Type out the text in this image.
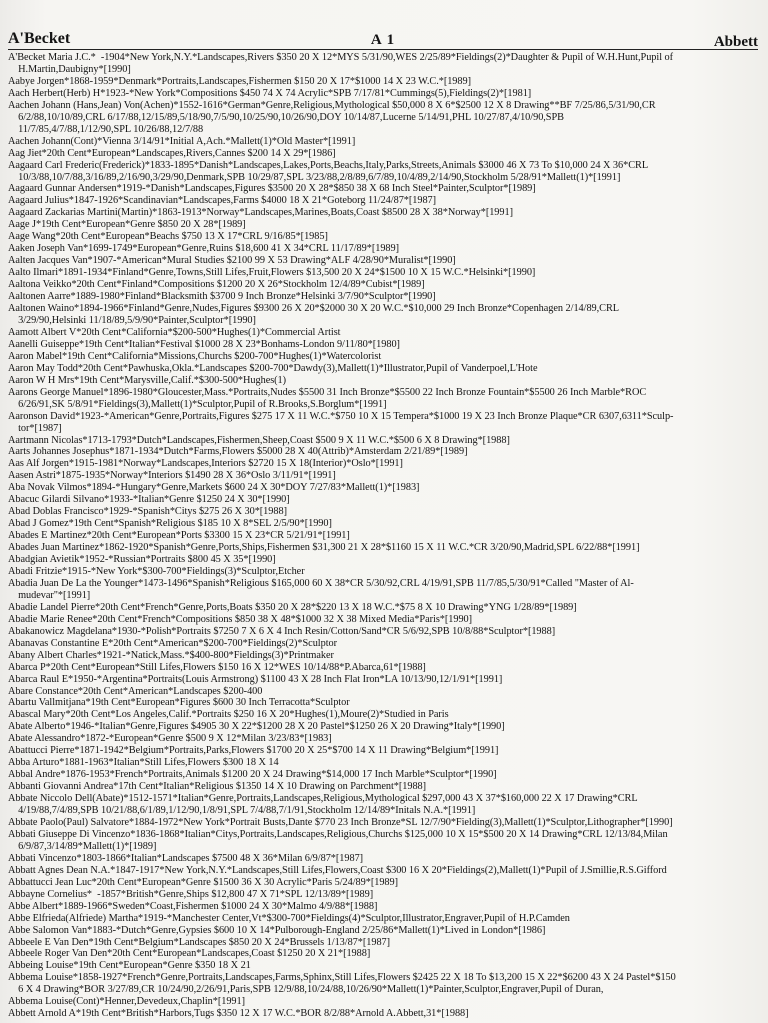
A'Becket	A 1	Abbett
A'Becket Maria J.C.*  -1904*New York,N.Y.*Landscapes,Rivers $350 20 X 12*MYS 5/31/90,WES 2/25/89*Fieldings(2)*Daughter & Pupil of W.H.Hunt,Pupil of
H.Martin,Daubigny*[1990]
Aabye Jorgen*1868-1959*Denmark*Portraits,Landscapes,Fishermen $150 20 X 17*$1000 14 X 23 W.C.*[1989]
Aach Herbert(Herb) H*1923-*New York*Compositions $450 74 X 74 Acrylic*SPB 7/17/81*Cummings(5),Fieldings(2)*[1981]
Aachen Johann (Hans,Jean) Von(Achen)*1552-1616*German*Genre,Religious,Mythological $50,000 8 X 6*$2500 12 X 8 Drawing**BF 7/25/86,5/31/90,CR
6/2/88,10/10/89,CRL 6/17/88,12/15/89,5/18/90,7/5/90,10/25/90,10/26/90,DOY 10/14/87,Lucerne 5/14/91,PHL 10/27/87,4/10/90,SPB
11/7/85,4/7/88,1/12/90,SPL 10/26/88,12/7/88
Aachen Johann(Cont)*Vienna 3/14/91*Initial A,Ach.*Mallett(1)*Old Master*[1991]
Aag Jiet*20th Cent*European*Landscapes,Rivers,Cannes $200 14 X 29*[1986]
Aagaard Carl Frederic(Frederick)*1833-1895*Danish*Landscapes,Lakes,Ports,Beachs,Italy,Parks,Streets,Animals $3000 46 X 73 To $10,000 24 X 36*CRL
10/3/88,10/7/88,3/16/89,2/16/90,3/29/90,Denmark,SPB 10/29/87,SPL 3/23/88,2/8/89,6/7/89,10/4/89,2/14/90,Stockholm 5/28/91*Mallett(1)*[1991]
Aagaard Gunnar Andersen*1919-*Danish*Landscapes,Figures $3500 20 X 28*$850 38 X 68 Inch Steel*Painter,Sculptor*[1989]
Aagaard Julius*1847-1926*Scandinavian*Landscapes,Farms $4000 18 X 21*Goteborg 11/24/87*[1987]
Aagaard Zackarias Martini(Martin)*1863-1913*Norway*Landscapes,Marines,Boats,Coast $8500 28 X 38*Norway*[1991]
Aage J*19th Cent*European*Genre $850 20 X 28*[1989]
Aage Wang*20th Cent*European*Beachs $750 13 X 17*CRL 9/16/85*[1985]
Aaken Joseph Van*1699-1749*European*Genre,Ruins $18,600 41 X 34*CRL 11/17/89*[1989]
Aalten Jacques Van*1907-*American*Mural Studies $2100 99 X 53 Drawing*ALF 4/28/90*Muralist*[1990]
Aalto Ilmari*1891-1934*Finland*Genre,Towns,Still Lifes,Fruit,Flowers $13,500 20 X 24*$1500 10 X 15 W.C.*Helsinki*[1990]
Aaltona Veikko*20th Cent*Finland*Compositions $1200 20 X 26*Stockholm 12/4/89*Cubist*[1989]
Aaltonen Aarre*1889-1980*Finland*Blacksmith $3700 9 Inch Bronze*Helsinki 3/7/90*Sculptor*[1990]
Aaltonen Waino*1894-1966*Finland*Genre,Nudes,Figures $9300 26 X 20*$2000 30 X 20 W.C.*$10,000 29 Inch Bronze*Copenhagen 2/14/89,CRL
3/29/90,Helsinki 11/18/89,5/9/90*Painter,Sculptor*[1990]
Aamott Albert V*20th Cent*California*$200-500*Hughes(1)*Commercial Artist
Aanelli Guiseppe*19th Cent*Italian*Festival $1000 28 X 23*Bonhams-London 9/11/80*[1980]
Aaron Mabel*19th Cent*California*Missions,Churchs $200-700*Hughes(1)*Watercolorist
Aaron May Todd*20th Cent*Pawhuska,Okla.*Landscapes $200-700*Dawdy(3),Mallett(1)*Illustrator,Pupil of Vanderpoel,L'Hote
Aaron W H Mrs*19th Cent*Marysville,Calif.*$300-500*Hughes(1)
Aarons George Manuel*1896-1980*Gloucester,Mass.*Portraits,Nudes $5500 31 Inch Bronze*$5500 22 Inch Bronze Fountain*$5500 26 Inch Marble*ROC
6/26/91,SK 5/8/91*Fieldings(3),Mallett(1)*Sculptor,Pupil of R.Brooks,S.Borglum*[1991]
Aaronson David*1923-*American*Genre,Portraits,Figures $275 17 X 11 W.C.*$750 10 X 15 Tempera*$1000 19 X 23 Inch Bronze Plaque*CR 6307,6311*Sculp-
tor*[1987]
Aartmann Nicolas*1713-1793*Dutch*Landscapes,Fishermen,Sheep,Coast $500 9 X 11 W.C.*$500 6 X 8 Drawing*[1988]
Aarts Johannes Josephus*1871-1934*Dutch*Farms,Flowers $5000 28 X 40(Attrib)*Amsterdam 2/21/89*[1989]
Aas Alf Jorgen*1915-1981*Norway*Landscapes,Interiors $2720 15 X 18(Interior)*Oslo*[1991]
Aasen Astri*1875-1935*Norway*Interiors $1490 28 X 36*Oslo 3/11/91*[1991]
Aba Novak Vilmos*1894-*Hungary*Genre,Markets $600 24 X 30*DOY 7/27/83*Mallett(1)*[1983]
Abacuc Gilardi Silvano*1933-*Italian*Genre $1250 24 X 30*[1990]
Abad Doblas Francisco*1929-*Spanish*Citys $275 26 X 30*[1988]
Abad J Gomez*19th Cent*Spanish*Religious $185 10 X 8*SEL 2/5/90*[1990]
Abades E Martinez*20th Cent*European*Ports $3300 15 X 23*CR 5/21/91*[1991]
Abades Juan Martinez*1862-1920*Spanish*Genre,Ports,Ships,Fishermen $31,300 21 X 28*$1160 15 X 11 W.C.*CR 3/20/90,Madrid,SPL 6/22/88*[1991]
Abadgian Avietik*1952-*Russian*Portraits $800 45 X 35*[1990]
Abadi Fritzie*1915-*New York*$300-700*Fieldings(3)*Sculptor,Etcher
Abadia Juan De La the Younger*1473-1496*Spanish*Religious $165,000 60 X 38*CR 5/30/92,CRL 4/19/91,SPB 11/7/85,5/30/91*Called "Master of Al-
mudevar"*[1991]
Abadie Landel Pierre*20th Cent*French*Genre,Ports,Boats $350 20 X 28*$220 13 X 18 W.C.*$75 8 X 10 Drawing*YNG 1/28/89*[1989]
Abadie Marie Renee*20th Cent*French*Compositions $850 38 X 48*$1000 32 X 38 Mixed Media*Paris*[1990]
Abakanowicz Magdelana*1930-*Polish*Portraits $7250 7 X 6 X 4 Inch Resin/Cotton/Sand*CR 5/6/92,SPB 10/8/88*Sculptor*[1988]
Abanavas Constantine E*20th Cent*American*$200-700*Fieldings(2)*Sculptor
Abany Albert Charles*1921-*Natick,Mass.*$400-800*Fieldings(3)*Printmaker
Abarca P*20th Cent*European*Still Lifes,Flowers $150 16 X 12*WES 10/14/88*P.Abarca,61*[1988]
Abarca Raul E*1950-*Argentina*Portraits(Louis Armstrong) $1100 43 X 28 Inch Flat Iron*LA 10/13/90,12/1/91*[1991]
Abare Constance*20th Cent*American*Landscapes $200-400
Abartu Vallmitjana*19th Cent*European*Figures $600 30 Inch Terracotta*Sculptor
Abascal Mary*20th Cent*Los Angeles,Calif.*Portraits $250 16 X 20*Hughes(1),Moure(2)*Studied in Paris
Abate Alberto*1946-*Italian*Genre,Figures $4905 30 X 22*$1200 28 X 20 Pastel*$1250 26 X 20 Drawing*Italy*[1990]
Abate Alessandro*1872-*European*Genre $500 9 X 12*Milan 3/23/83*[1983]
Abattucci Pierre*1871-1942*Belgium*Portraits,Parks,Flowers $1700 20 X 25*$700 14 X 11 Drawing*Belgium*[1991]
Abba Arturo*1881-1963*Italian*Still Lifes,Flowers $300 18 X 14
Abbal Andre*1876-1953*French*Portraits,Animals $1200 20 X 24 Drawing*$14,000 17 Inch Marble*Sculptor*[1990]
Abbanti Giovanni Andrea*17th Cent*Italian*Religious $1350 14 X 10 Drawing on Parchment*[1988]
Abbate Niccolo Dell(Abate)*1512-1571*Italian*Genre,Portraits,Landscapes,Religious,Mythological $297,000 43 X 37*$160,000 22 X 17 Drawing*CRL
4/19/88,7/4/89,SPB 10/21/88,6/1/89,1/12/90,1/8/91,SPL 7/4/88,7/1/91,Stockholm 12/14/89*Initals N.A.*[1991]
Abbate Paolo(Paul) Salvatore*1884-1972*New York*Portrait Busts,Dante $770 23 Inch Bronze*SL 12/7/90*Fielding(3),Mallett(1)*Sculptor,Lithographer*[1990]
Abbati Giuseppe Di Vincenzo*1836-1868*Italian*Citys,Portraits,Landscapes,Religious,Churchs $125,000 10 X 15*$500 20 X 14 Drawing*CRL 12/13/84,Milan
6/9/87,3/14/89*Mallett(1)*[1989]
Abbati Vincenzo*1803-1866*Italian*Landscapes $7500 48 X 36*Milan 6/9/87*[1987]
Abbatt Agnes Dean N.A.*1847-1917*New York,N.Y.*Landscapes,Still Lifes,Flowers,Coast $300 16 X 20*Fieldings(2),Mallett(1)*Pupil of J.Smillie,R.S.Gifford
Abbattucci Jean Luc*20th Cent*European*Genre $1500 36 X 30 Acrylic*Paris 5/24/89*[1989]
Abbayne Cornelius*  -1857*British*Genre,Ships $12,800 47 X 71*SPL 12/13/89*[1989]
Abbe Albert*1889-1966*Sweden*Coast,Fishermen $1000 24 X 30*Malmo 4/9/88*[1988]
Abbe Elfrieda(Alfriede) Martha*1919-*Manchester Center,Vt*$300-700*Fieldings(4)*Sculptor,Illustrator,Engraver,Pupil of H.P.Camden
Abbe Salomon Van*1883-*Dutch*Genre,Gypsies $600 10 X 14*Pulborough-England 2/25/86*Mallett(1)*Lived in London*[1986]
Abbeele E Van Den*19th Cent*Belgium*Landscapes $850 20 X 24*Brussels 1/13/87*[1987]
Abbeele Roger Van Den*20th Cent*European*Landscapes,Coast $1250 20 X 21*[1988]
Abbeing Louise*19th Cent*European*Genre $350 18 X 21
Abbema Louise*1858-1927*French*Genre,Portraits,Landscapes,Farms,Sphinx,Still Lifes,Flowers $2425 22 X 18 To $13,200 15 X 22*$6200 43 X 24 Pastel*$150
6 X 4 Drawing*BOR 3/27/89,CR 10/24/90,2/26/91,Paris,SPB 12/9/88,10/24/88,10/26/90*Mallett(1)*Painter,Sculptor,Engraver,Pupil of Duran,
Abbema Louise(Cont)*Henner,Devedeux,Chaplin*[1991]
Abbett Arnold A*19th Cent*British*Harbors,Tugs $350 12 X 17 W.C.*BOR 8/2/88*Arnold A.Abbett,31*[1988]
